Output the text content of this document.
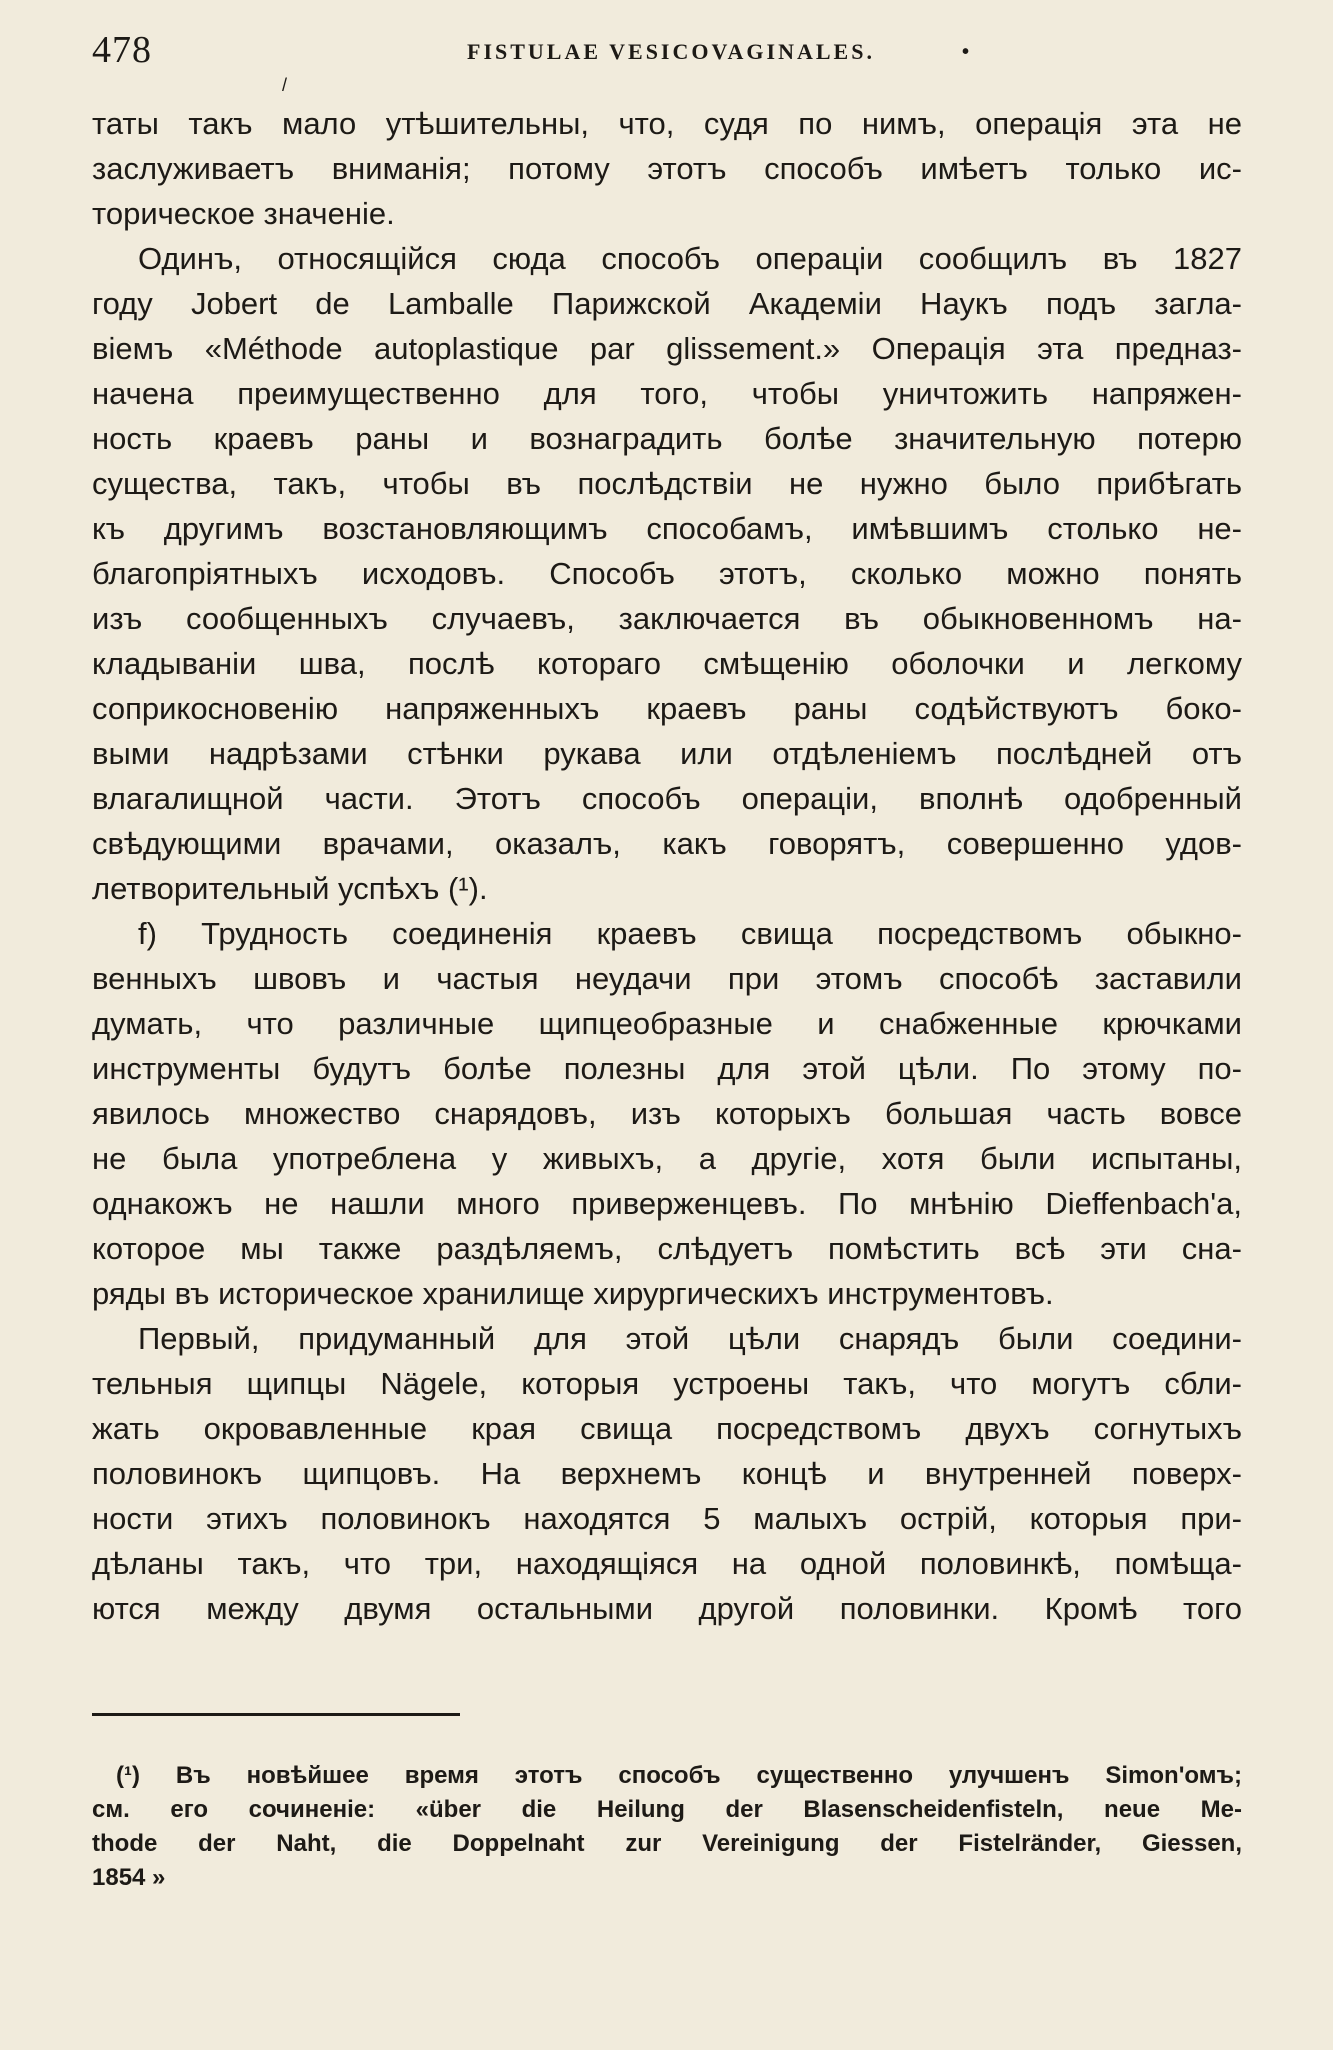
478	FISTULAE VESICOVAGINALES.	•
/
таты такъ мало утѣшительны, что, судя по нимъ, операція эта не
заслуживаетъ вниманія; потому этотъ способъ имѣетъ только ис-
торическое значеніе.
Одинъ, относящійся сюда способъ операціи сообщилъ въ 1827
году Jobert de Lamballe Парижской Академіи Наукъ подъ загла-
віемъ «Méthode autoplastique par glissement.» Операція эта предназ-
начена преимущественно для того, чтобы уничтожить напряжен-
ность краевъ раны и вознаградить болѣе значительную потерю
существа, такъ, чтобы въ послѣдствіи не нужно было прибѣгать
къ другимъ возстановляющимъ способамъ, имѣвшимъ столько не-
благопріятныхъ исходовъ. Способъ этотъ, сколько можно понять
изъ сообщенныхъ случаевъ, заключается въ обыкновенномъ на-
кладываніи шва, послѣ котораго смѣщенію оболочки и легкому
соприкосновенію напряженныхъ краевъ раны содѣйствуютъ боко-
выми надрѣзами стѣнки рукава или отдѣленіемъ послѣдней отъ
влагалищной части. Этотъ способъ операціи, вполнѣ одобренный
свѣдующими врачами, оказалъ, какъ говорятъ, совершенно удов-
летворительный успѣхъ (¹).
f) Трудность соединенія краевъ свища посредствомъ обыкно-
венныхъ швовъ и частыя неудачи при этомъ способѣ заставили
думать, что различные щипцеобразные и снабженные крючками
инструменты будутъ болѣе полезны для этой цѣли. По этому по-
явилось множество снарядовъ, изъ которыхъ большая часть вовсе
не была употреблена у живыхъ, а другіе, хотя были испытаны,
однакожъ не нашли много приверженцевъ. По мнѣнію Dieffenbach'a,
которое мы также раздѣляемъ, слѣдуетъ помѣстить всѣ эти сна-
ряды въ историческое хранилище хирургическихъ инструментовъ.
Первый, придуманный для этой цѣли снарядъ были соедини-
тельныя щипцы Nägele, которыя устроены такъ, что могутъ сбли-
жать окровавленные края свища посредствомъ двухъ согнутыхъ
половинокъ щипцовъ. На верхнемъ концѣ и внутренней поверх-
ности этихъ половинокъ находятся 5 малыхъ острій, которыя при-
дѣланы такъ, что три, находящіяся на одной половинкѣ, помѣща-
ются между двумя остальными другой половинки. Кромѣ того
(¹) Въ новѣйшее время этотъ способъ существенно улучшенъ Simon'омъ;
см. его сочиненіе: «über die Heilung der Blasenscheidenfisteln, neue Me-
thode der Naht, die Doppelnaht zur Vereinigung der Fistelränder, Giessen,
1854 »
